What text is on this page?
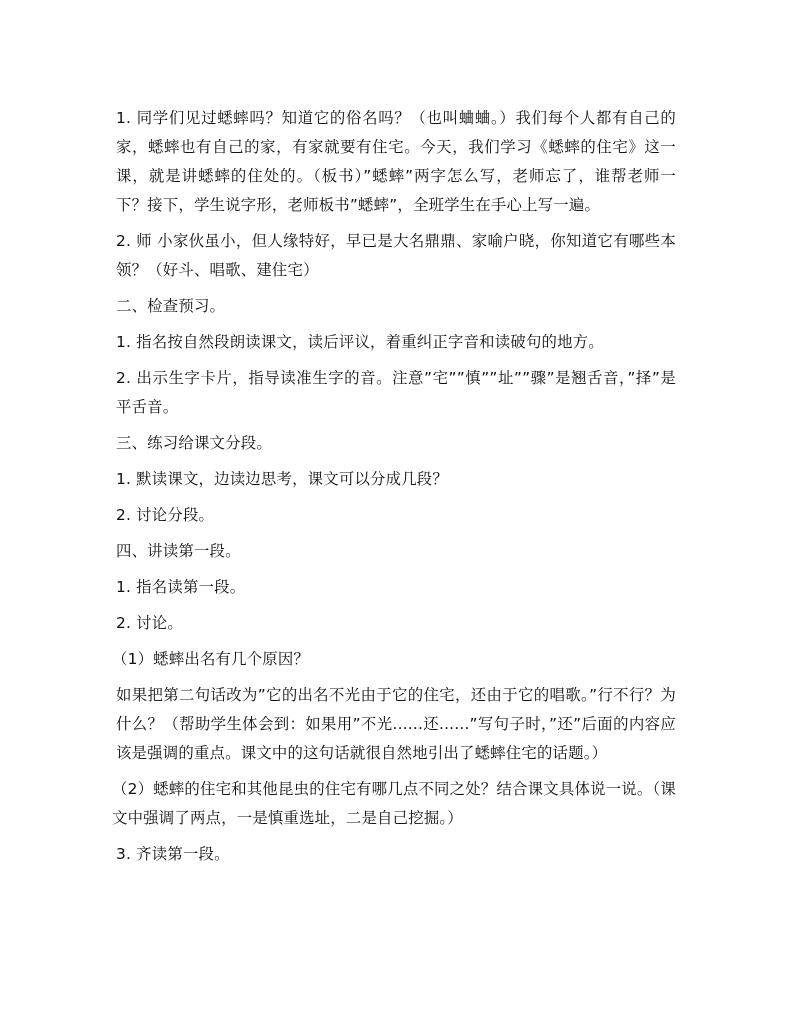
1. 同学们见过蟋蟀吗？知道它的俗名吗？（也叫蛐蛐。）我们每个人都有自己的家，蟋蟀也有自己的家，有家就要有住宅。今天，我们学习《蟋蟀的住宅》这一课，就是讲蟋蟀的住处的。（板书）”蟋蟀”两字怎么写，老师忘了，谁帮老师一下？接下，学生说字形，老师板书”蟋蟀”，全班学生在手心上写一遍。

2. 师 小家伙虽小，但人缘特好，早已是大名鼎鼎、家喻户晓，你知道它有哪些本领？（好斗、唱歌、建住宅）

二、检查预习。

1. 指名按自然段朗读课文，读后评议，着重纠正字音和读破句的地方。

2. 出示生字卡片，指导读准生字的音。注意”宅””慎””址””骤”是翘舌音，”择”是平舌音。

三、练习给课文分段。

1. 默读课文，边读边思考，课文可以分成几段？

2. 讨论分段。

四、讲读第一段。

1. 指名读第一段。

2. 讨论。

（1）蟋蟀出名有几个原因？

如果把第二句话改为”它的出名不光由于它的住宅，还由于它的唱歌。”行不行？为什么？（帮助学生体会到：如果用”不光......还......”写句子时，”还”后面的内容应该是强调的重点。课文中的这句话就很自然地引出了蟋蟀住宅的话题。）

（2）蟋蟀的住宅和其他昆虫的住宅有哪几点不同之处？结合课文具体说一说。（课文中强调了两点，一是慎重选址，二是自己挖掘。）

3. 齐读第一段。
